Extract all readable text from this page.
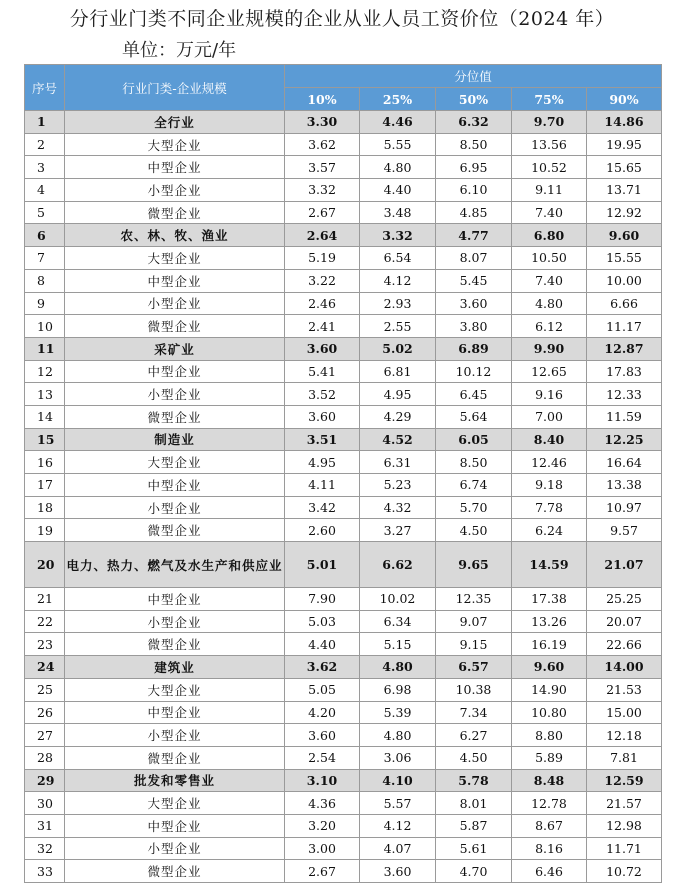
分行业门类不同企业规模的企业从业人员工资价位（2024 年）
单位：万元/年
序号	行业门类-企业规模	分位值				
		10%	25%	50%	75%	90%
1	全行业	3.30	4.46	6.32	9.70	14.86
2	大型企业	3.62	5.55	8.50	13.56	19.95
3	中型企业	3.57	4.80	6.95	10.52	15.65
4	小型企业	3.32	4.40	6.10	9.11	13.71
5	微型企业	2.67	3.48	4.85	7.40	12.92
6	农、林、牧、渔业	2.64	3.32	4.77	6.80	9.60
7	大型企业	5.19	6.54	8.07	10.50	15.55
8	中型企业	3.22	4.12	5.45	7.40	10.00
9	小型企业	2.46	2.93	3.60	4.80	6.66
10	微型企业	2.41	2.55	3.80	6.12	11.17
11	采矿业	3.60	5.02	6.89	9.90	12.87
12	中型企业	5.41	6.81	10.12	12.65	17.83
13	小型企业	3.52	4.95	6.45	9.16	12.33
14	微型企业	3.60	4.29	5.64	7.00	11.59
15	制造业	3.51	4.52	6.05	8.40	12.25
16	大型企业	4.95	6.31	8.50	12.46	16.64
17	中型企业	4.11	5.23	6.74	9.18	13.38
18	小型企业	3.42	4.32	5.70	7.78	10.97
19	微型企业	2.60	3.27	4.50	6.24	9.57
20	电力、热力、燃气及水生产和供应业	5.01	6.62	9.65	14.59	21.07
21	中型企业	7.90	10.02	12.35	17.38	25.25
22	小型企业	5.03	6.34	9.07	13.26	20.07
23	微型企业	4.40	5.15	9.15	16.19	22.66
24	建筑业	3.62	4.80	6.57	9.60	14.00
25	大型企业	5.05	6.98	10.38	14.90	21.53
26	中型企业	4.20	5.39	7.34	10.80	15.00
27	小型企业	3.60	4.80	6.27	8.80	12.18
28	微型企业	2.54	3.06	4.50	5.89	7.81
29	批发和零售业	3.10	4.10	5.78	8.48	12.59
30	大型企业	4.36	5.57	8.01	12.78	21.57
31	中型企业	3.20	4.12	5.87	8.67	12.98
32	小型企业	3.00	4.07	5.61	8.16	11.71
33	微型企业	2.67	3.60	4.70	6.46	10.72
